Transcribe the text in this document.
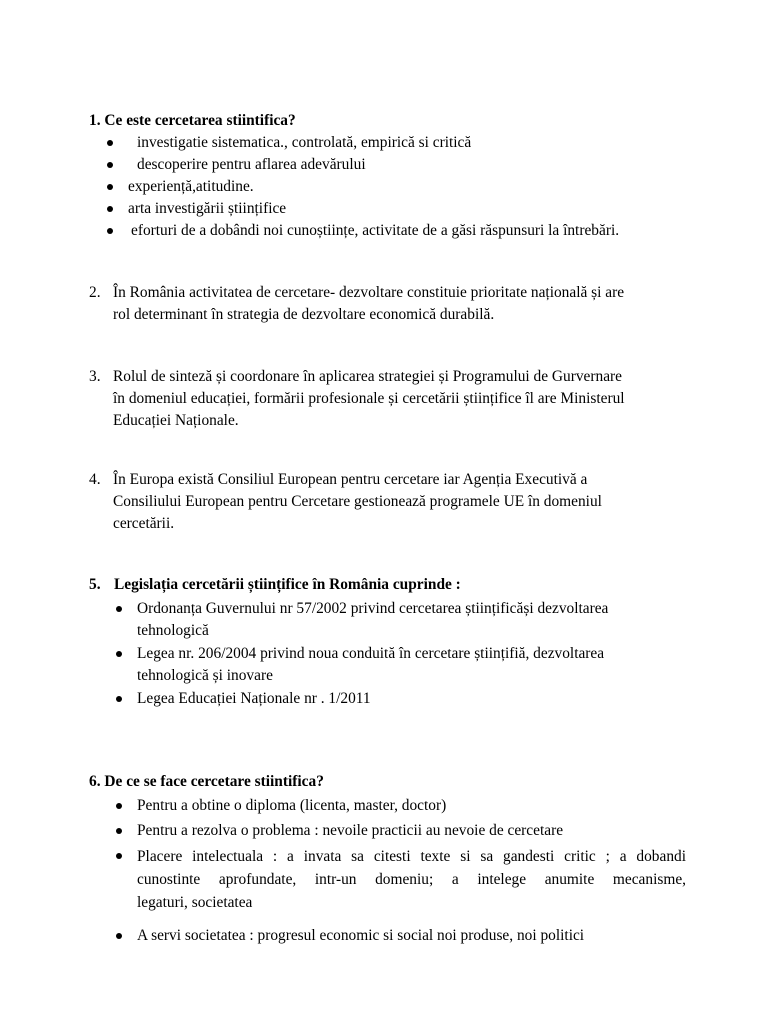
1. Ce este cercetarea stiintifica?
investigatie sistematica., controlată, empirică si critică
descoperire pentru aflarea adevărului
experiență,atitudine.
arta investigării științifice
eforturi de a dobândi noi cunoștiințe, activitate de a găsi răspunsuri la întrebări.
2. În România activitatea de cercetare- dezvoltare constituie prioritate națională și are
rol determinant în strategia de dezvoltare economică durabilă.
3. Rolul de sinteză și coordonare în aplicarea strategiei și Programului de Gurvernare
în domeniul educației, formării profesionale și cercetării științifice îl are Ministerul
Educației Naționale.
4. În Europa există Consiliul European pentru cercetare iar Agenția Executivă a
Consiliului European pentru Cercetare gestionează programele UE în domeniul
cercetării.
5. Legislația cercetării științifice în România cuprinde :
Ordonanța Guvernului nr 57/2002 privind cercetarea științificăși dezvoltarea
tehnologică
Legea nr. 206/2004 privind noua conduită în cercetare științifiă, dezvoltarea
tehnologică și inovare
Legea Educației Naționale nr . 1/2011
6. De ce se face cercetare stiintifica?
Pentru a obtine o diploma (licenta, master, doctor)
Pentru a rezolva o problema : nevoile practicii au nevoie de cercetare
Placere intelectuala : a invata sa citesti texte si sa gandesti critic ; a dobandi
cunostinte aprofundate, intr-un domeniu; a intelege anumite mecanisme,
legaturi, societatea
A servi societatea : progresul economic si social noi produse, noi politici
